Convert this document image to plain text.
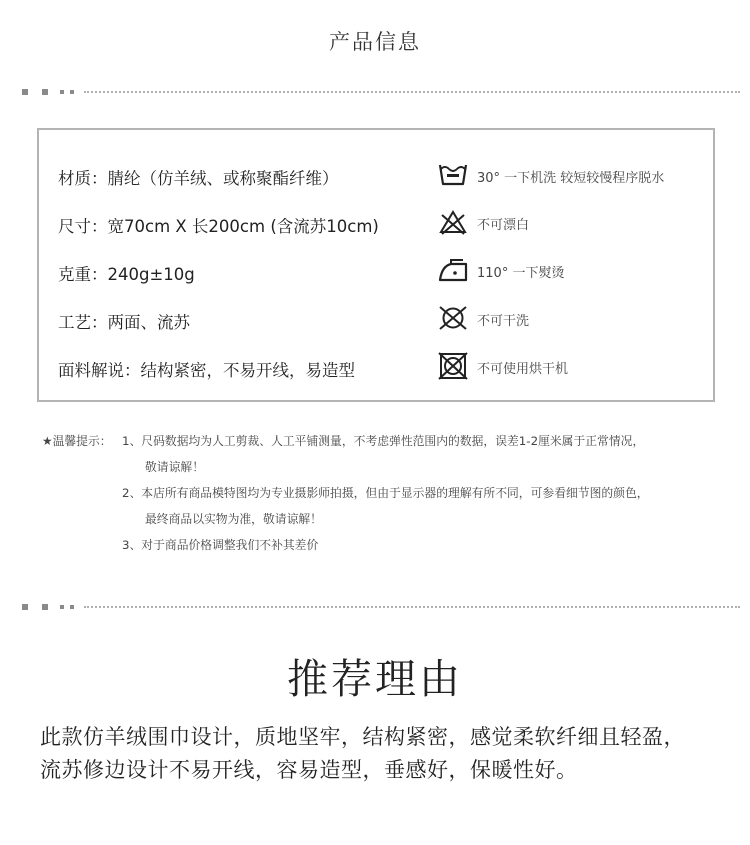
产品信息
材质：腈纶（仿羊绒、或称聚酯纤维）
尺寸：宽70cm X 长200cm (含流苏10cm)
克重：240g±10g
工艺：两面、流苏
面料解说：结构紧密，不易开线，易造型
30° 一下机洗 较短较慢程序脱水
不可漂白
110° 一下熨烫
不可干洗
不可使用烘干机
★温馨提示： 1、尺码数据均为人工剪裁、人工平铺测量，不考虑弹性范围内的数据，误差1-2厘米属于正常情况，
敬请谅解！
2、本店所有商品模特图均为专业摄影师拍摄，但由于显示器的理解有所不同，可参看细节图的颜色，
最终商品以实物为准，敬请谅解！
3、对于商品价格调整我们不补其差价
推荐理由
此款仿羊绒围巾设计，质地坚牢，结构紧密，感觉柔软纤细且轻盈，
流苏修边设计不易开线，容易造型，垂感好，保暖性好。
